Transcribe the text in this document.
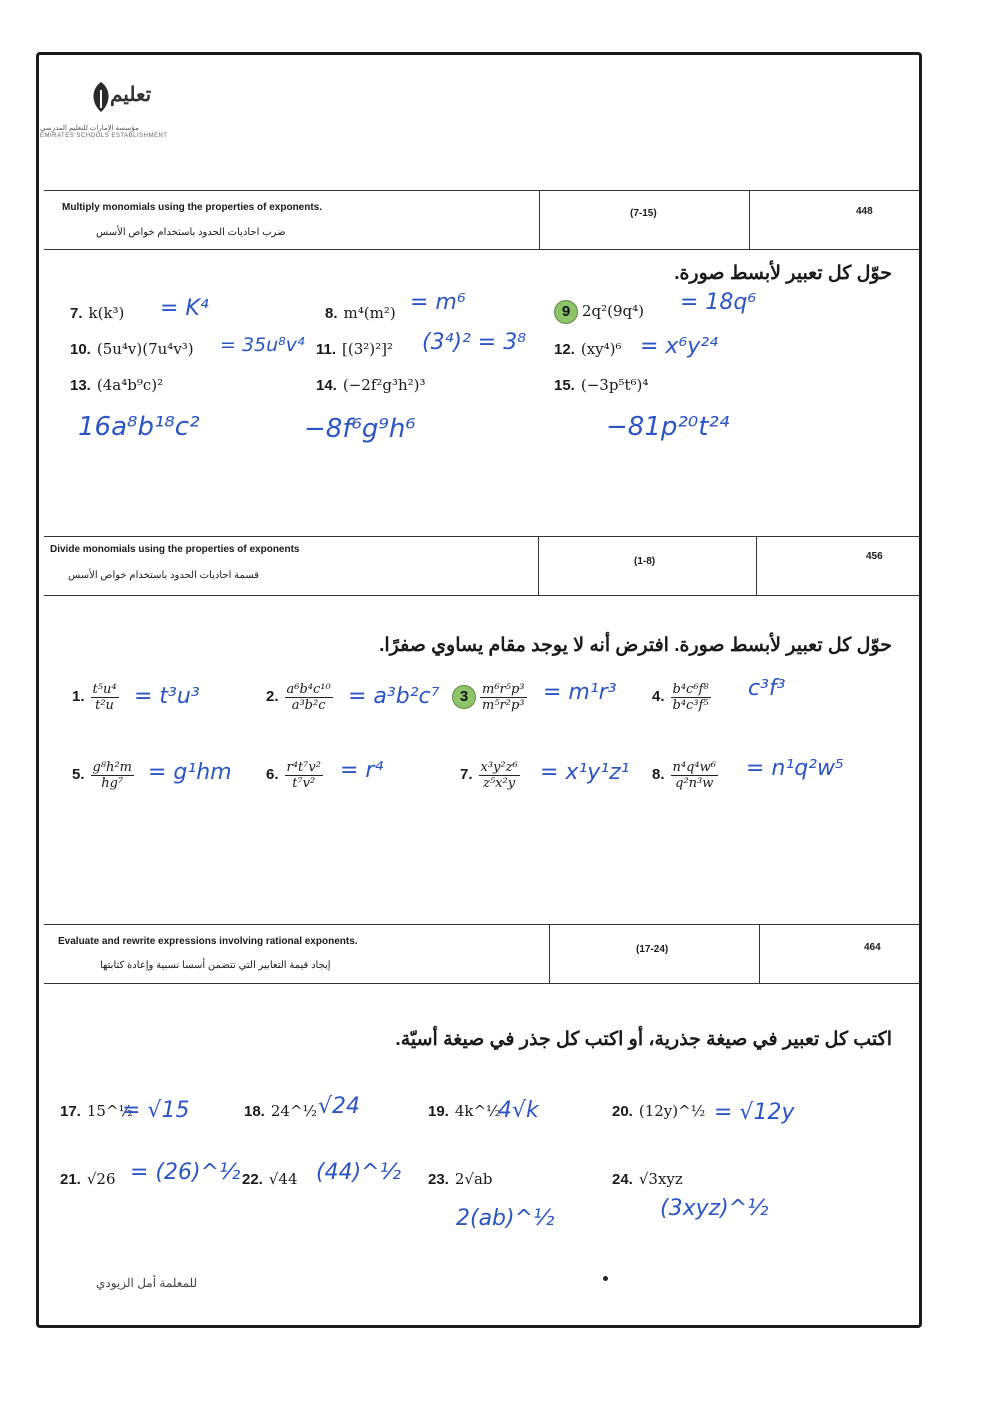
تعليم
مؤسسة الإمارات للتعليم المدرسي
EMIRATES SCHOOLS ESTABLISHMENT
Multiply monomials using the properties of exponents.
ضرب احاديات الحدود باستخدام خواص الأسس
(7-15)	448
حوّل كل تعبير لأبسط صورة.
7. k(k³) = K⁴	8. m⁴(m²) = m⁶	9 2q²(9q⁴) = 18q⁶
10. (5u⁴v)(7u⁴v³) = 35u⁸v⁴ 11. [(3²)²]² (3⁴)² = 3⁸ 12. (xy⁴)⁶ = x⁶y²⁴
13. (4a⁴b⁹c)²	14. (−2f²g³h²)³	15. (−3p⁵t⁶)⁴
16a⁸b¹⁸c²	−8f⁶g⁹h⁶	−81p²⁰t²⁴
Divide monomials using the properties of exponents
قسمة احاديات الحدود باستخدام خواص الأسس
(1-8)	456
حوّل كل تعبير لأبسط صورة. افترض أنه لا يوجد مقام يساوي صفرًا.
1. $\frac{\text{t⁵u⁴}}{\text{t²u}} = t^3u^3$	2. $\frac{\text{a⁶b⁴c¹⁰}}{\text{a³b²c}} = a^3b^2c^7$	$3 \frac{\text{m⁶r⁵p³}}{\text{m⁵r²p³}} = m^1r^3$ 4. $\frac{\text{b⁴c⁶f⁸}}{\text{b⁴c³f⁵}} c^3f^3$
5. $\frac{\text{g⁸h²m}}{\text{hg⁷}} = g^1hm$ 6. $\frac{\text{r⁴t⁷v²}}{\text{t⁷v²}} = r^4$	7. $\frac{\text{x³y²z⁶}}{\text{z⁵x²y}} = x^1y^1z^1$ 8. $\frac{\text{n⁴q⁴w⁶}}{\text{q²n³w}} = n^1q^2w^5$
Evaluate and rewrite expressions involving rational exponents.
إيجاد قيمة التعابير التي تتضمن أسسا نسبية وإعادة كتابتها
(17-24)	464
اكتب كل تعبير في صيغة جذرية، أو اكتب كل جذر في صيغة أسيّة.
17. 15^½
= √15	18. 24^½ √24	19. 4k^½
4√k	20. (12y)^½ = √12y
21. √26 = (26)^½ 22. √44 (44)^½ 23. 2√ab
2(ab)^½
24. √3xyz
(3xyz)^½
للمعلمة أمل الزيودي
